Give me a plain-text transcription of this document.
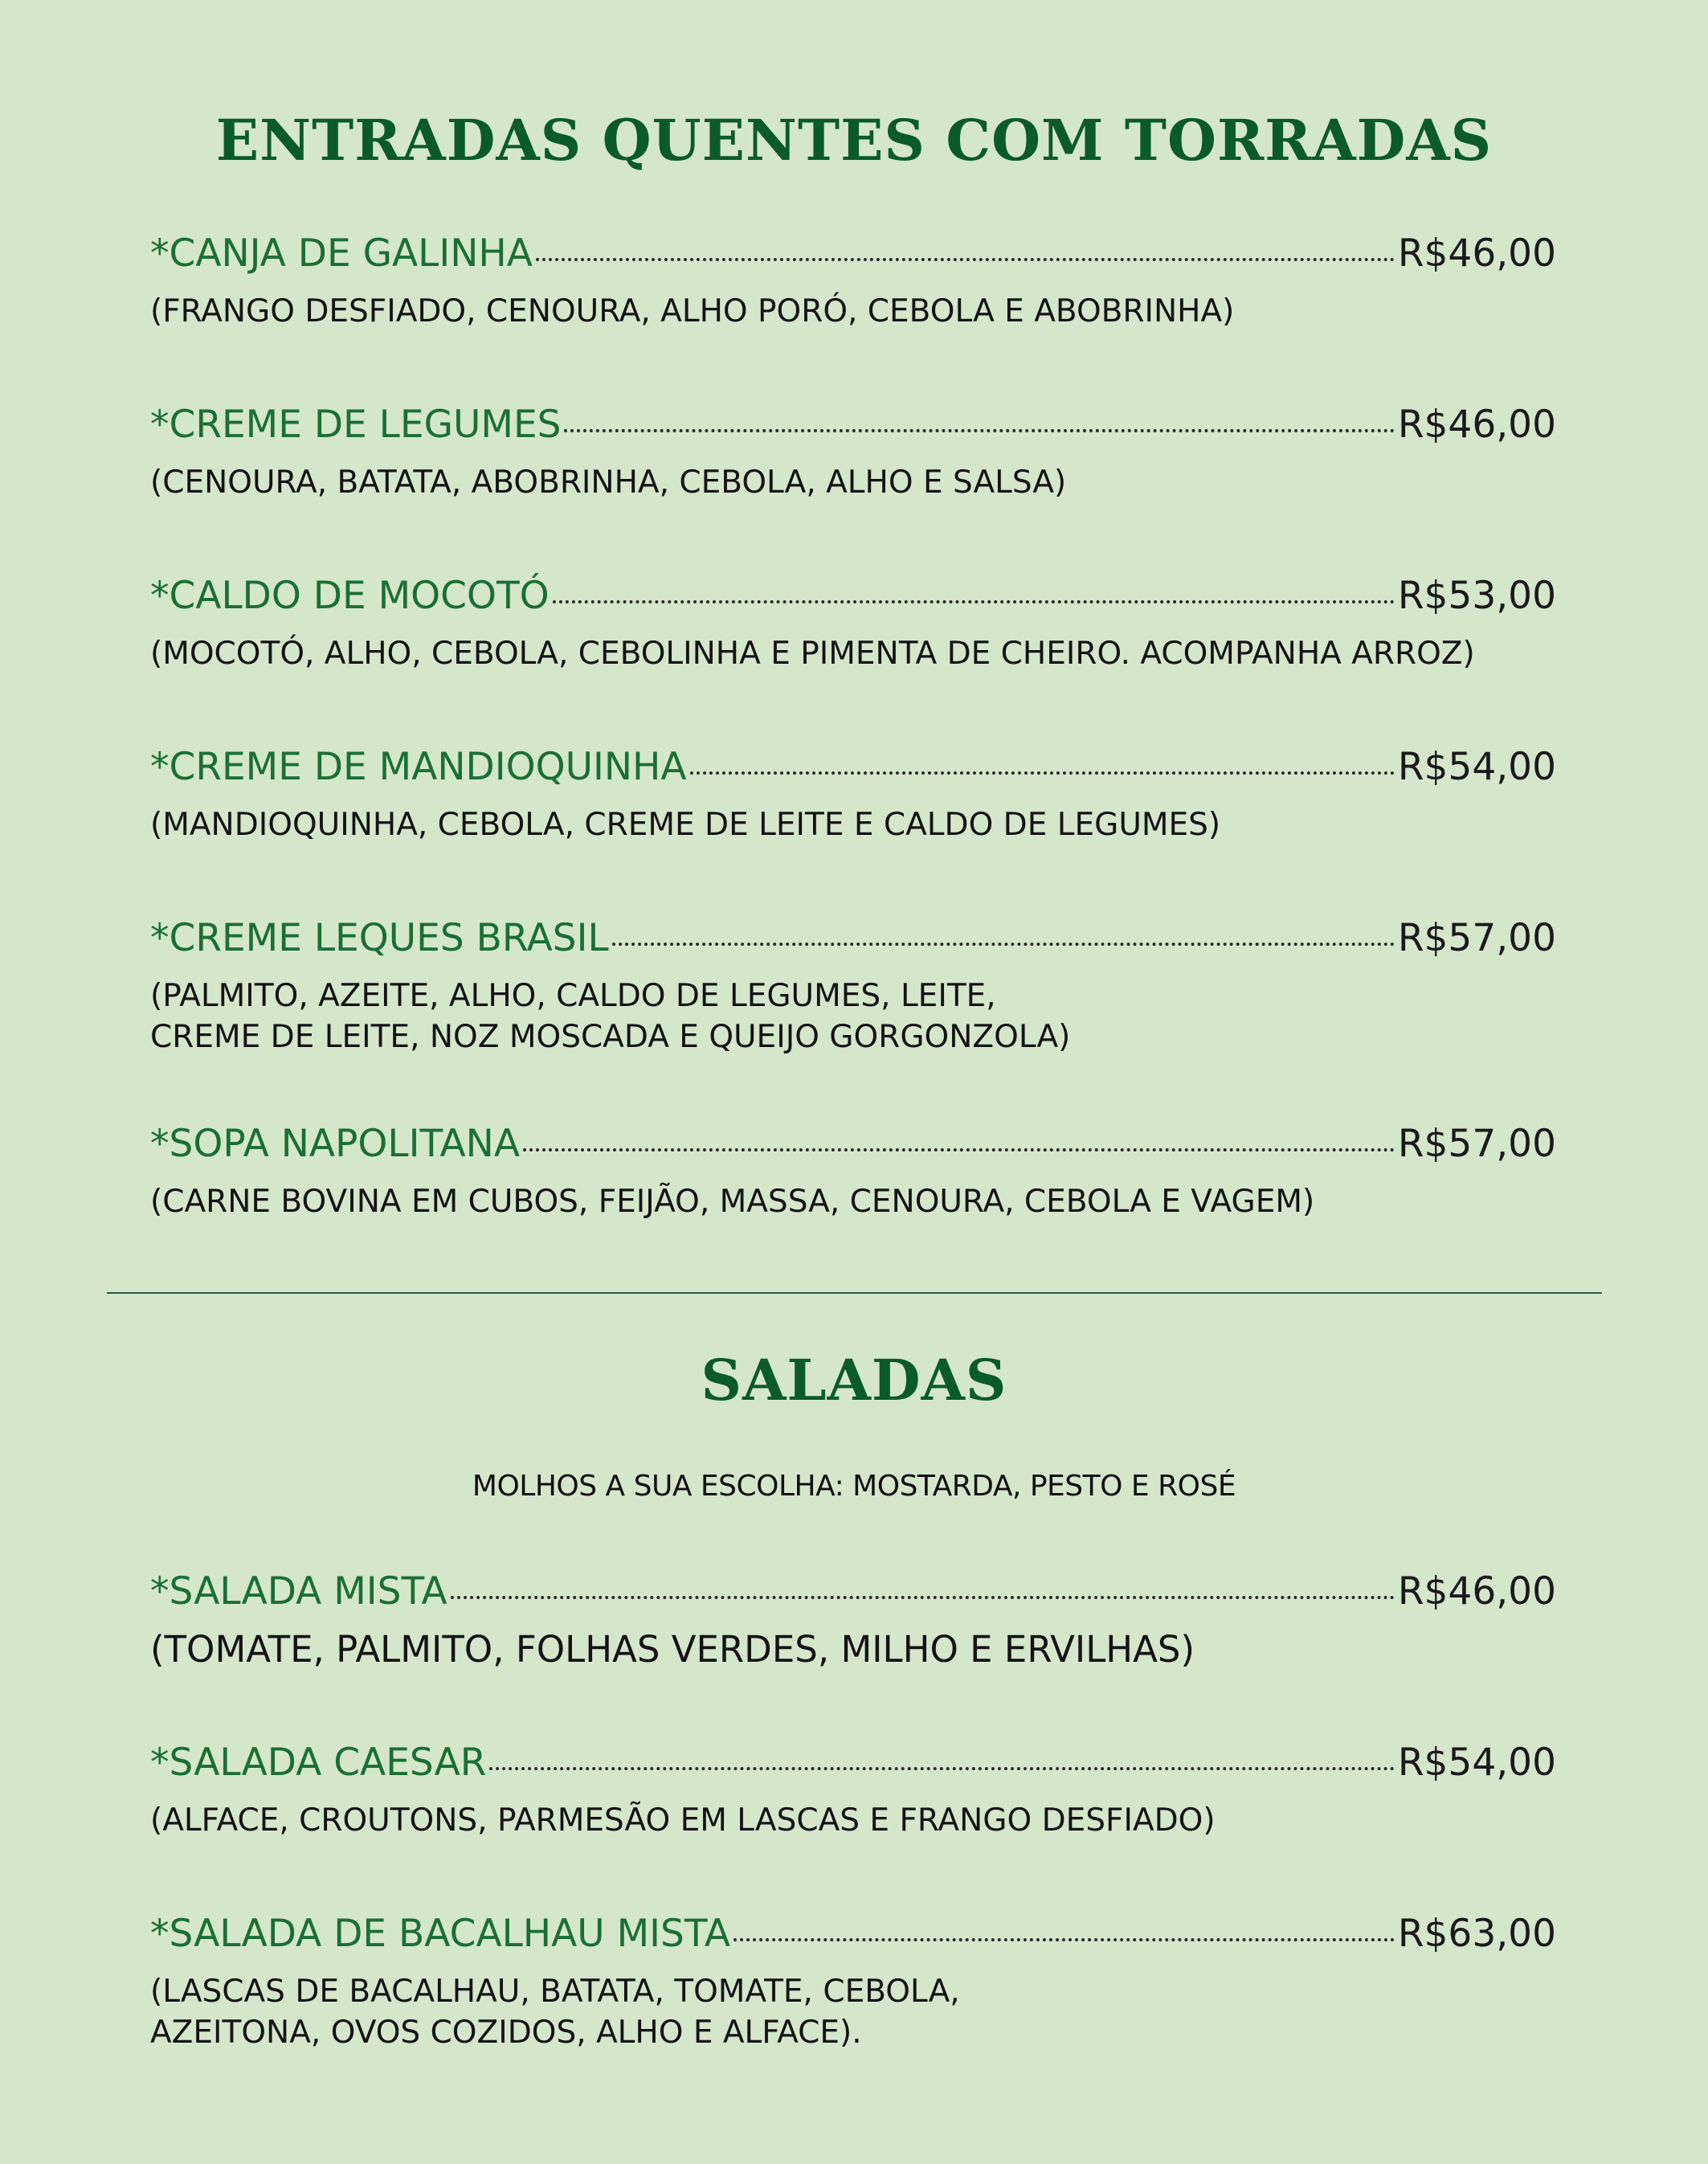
ENTRADAS QUENTES COM TORRADAS
*CANJA DE GALINHA	R$46,00
(FRANGO DESFIADO, CENOURA, ALHO PORÓ, CEBOLA E ABOBRINHA)
*CREME DE LEGUMES	R$46,00
(CENOURA, BATATA, ABOBRINHA, CEBOLA, ALHO E SALSA)
*CALDO DE MOCOTÓ	R$53,00
(MOCOTÓ, ALHO, CEBOLA, CEBOLINHA E PIMENTA DE CHEIRO. ACOMPANHA ARROZ)
*CREME DE MANDIOQUINHA	R$54,00
(MANDIOQUINHA, CEBOLA, CREME DE LEITE E CALDO DE LEGUMES)
*CREME LEQUES BRASIL	R$57,00
(PALMITO, AZEITE, ALHO, CALDO DE LEGUMES, LEITE,
CREME DE LEITE, NOZ MOSCADA E QUEIJO GORGONZOLA)
*SOPA NAPOLITANA	R$57,00
(CARNE BOVINA EM CUBOS, FEIJÃO, MASSA, CENOURA, CEBOLA E VAGEM)
SALADAS
MOLHOS A SUA ESCOLHA: MOSTARDA, PESTO E ROSÉ
*SALADA MISTA	R$46,00
(TOMATE, PALMITO, FOLHAS VERDES, MILHO E ERVILHAS)
*SALADA CAESAR	R$54,00
(ALFACE, CROUTONS, PARMESÃO EM LASCAS E FRANGO DESFIADO)
*SALADA DE BACALHAU MISTA	R$63,00
(LASCAS DE BACALHAU, BATATA, TOMATE, CEBOLA,
AZEITONA, OVOS COZIDOS, ALHO E ALFACE).
